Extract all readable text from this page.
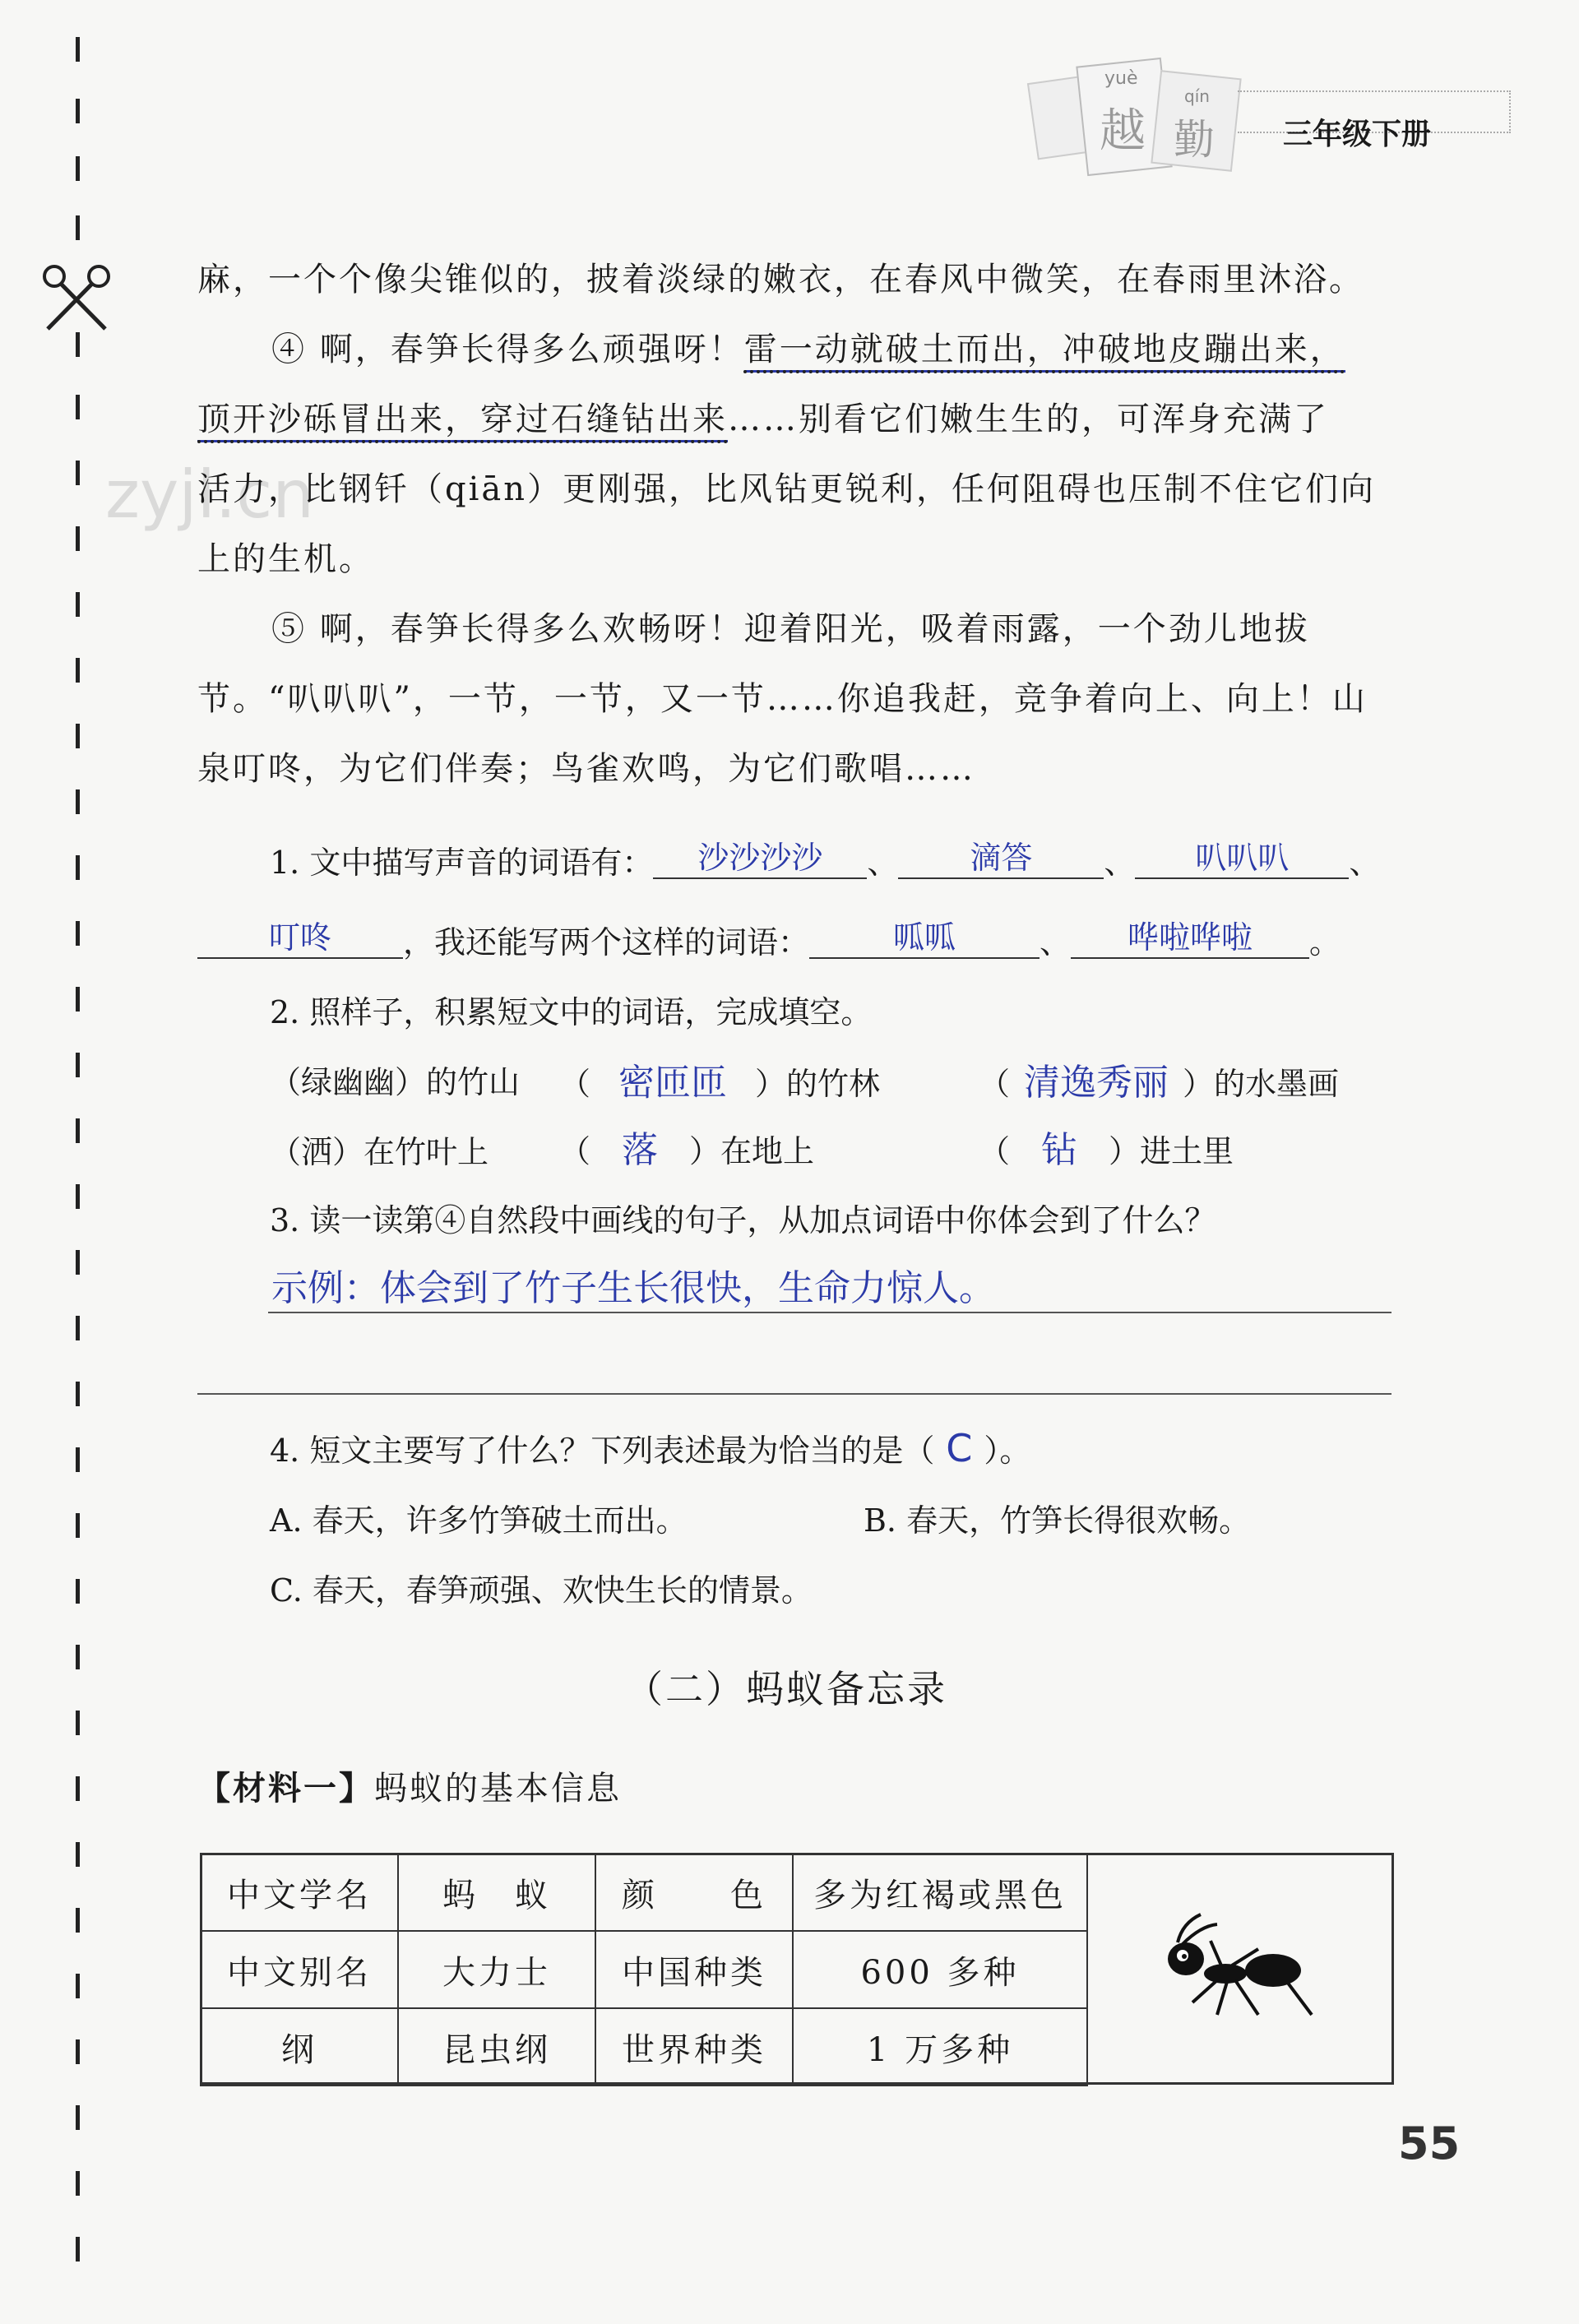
yuè
越
qín
勤 三年级下册
zyjl.cn
麻，一个个像尖锥似的，披着淡绿的嫩衣，在春风中微笑，在春雨里沐浴。
④ 啊，春笋长得多么顽强呀！雷一动就破土而出，冲破地皮蹦出来，
顶开沙砾冒出来，穿过石缝钻出来……别看它们嫩生生的，可浑身充满了
活力，比钢钎（qiān）更刚强，比风钻更锐利，任何阻碍也压制不住它们向
上的生机。
⑤ 啊，春笋长得多么欢畅呀！迎着阳光，吸着雨露，一个劲儿地拔
节。“叭叭叭”，一节，一节，又一节……你追我赶，竞争着向上、向上！山
泉叮咚，为它们伴奏；鸟雀欢鸣，为它们歌唱……
1. 文中描写声音的词语有： 沙沙沙沙 、 滴答 、 叭叭叭 、
叮咚 ，我还能写两个这样的词语：	呱呱	、 哗啦哗啦 。
2. 照样子，积累短文中的词语，完成填空。
（绿幽幽）的竹山 （ 密匝匝 ）的竹林	（ 清逸秀丽 ）的水墨画
（洒）在竹叶上 （ 落 ）在地上	（ 钻 ）进土里
3. 读一读第④自然段中画线的句子，从加点词语中你体会到了什么？
示例：体会到了竹子生长很快，生命力惊人。
4. 短文主要写了什么？下列表述最为恰当的是（ C ）。
A. 春天，许多竹笋破土而出。	B. 春天，竹笋长得很欢畅。
C. 春天，春笋顽强、欢快生长的情景。
（二）蚂蚁备忘录
【材料一】蚂蚁的基本信息
中文学名	蚂　蚁	颜　　色	多为红褐或黑色
中文别名	大力士	中国种类	600 多种
纲	昆虫纲	世界种类	1 万多种
55
